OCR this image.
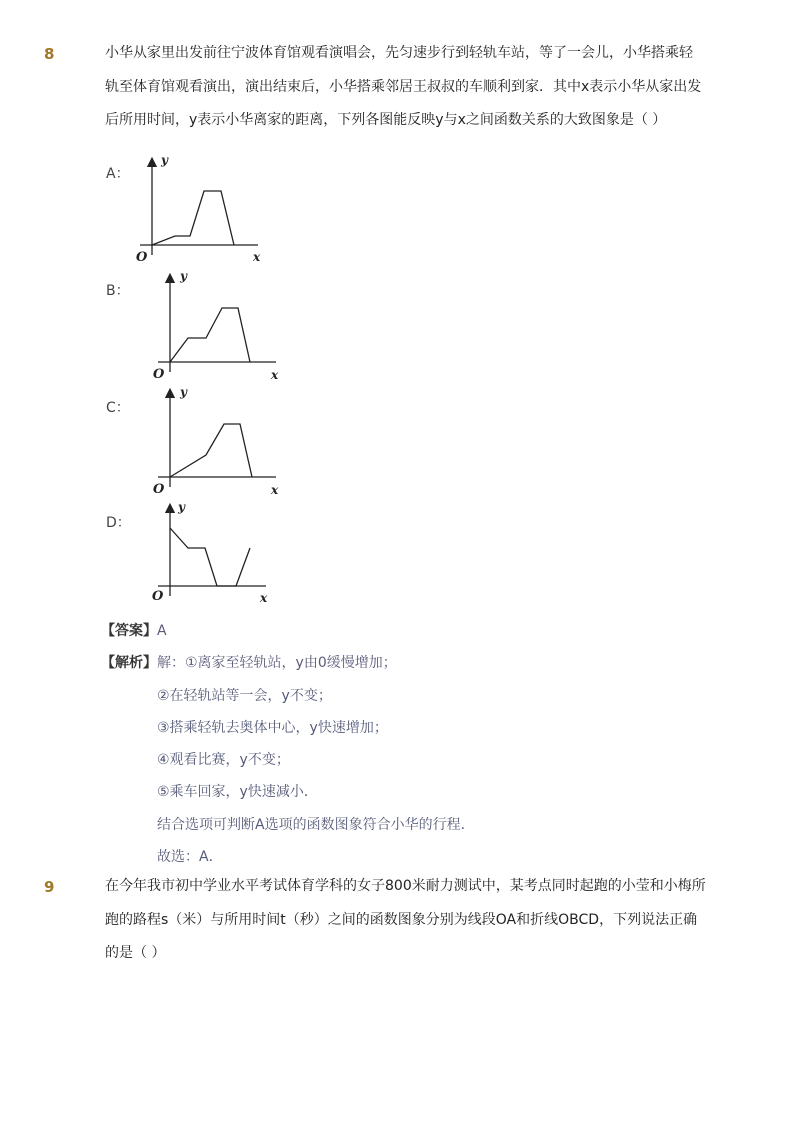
8	小华从家里出发前往宁波体育馆观看演唱会，先匀速步行到轻轨车站，等了一会儿，小华搭乘轻
轨至体育馆观看演出，演出结束后，小华搭乘邻居王叔叔的车顺利到家．其中x表示小华从家出发
后所用时间，y表示小华离家的距离，下列各图能反映y与x之间函数关系的大致图象是（ ）
A：
B：
C：
D：
O	x
y
O	x
y
O	x
y
O	x
y
【答案】A
【解析】解：①离家至轻轨站，y由0缓慢增加；
②在轻轨站等一会，y不变；
③搭乘轻轨去奥体中心，y快速增加；
④观看比赛，y不变；
⑤乘车回家，y快速减小．
结合选项可判断A选项的函数图象符合小华的行程．
故选：A．
9	在今年我市初中学业水平考试体育学科的女子800米耐力测试中，某考点同时起跑的小莹和小梅所
跑的路程s（米）与所用时间t（秒）之间的函数图象分别为线段OA和折线OBCD，下列说法正确
的是（ ）
